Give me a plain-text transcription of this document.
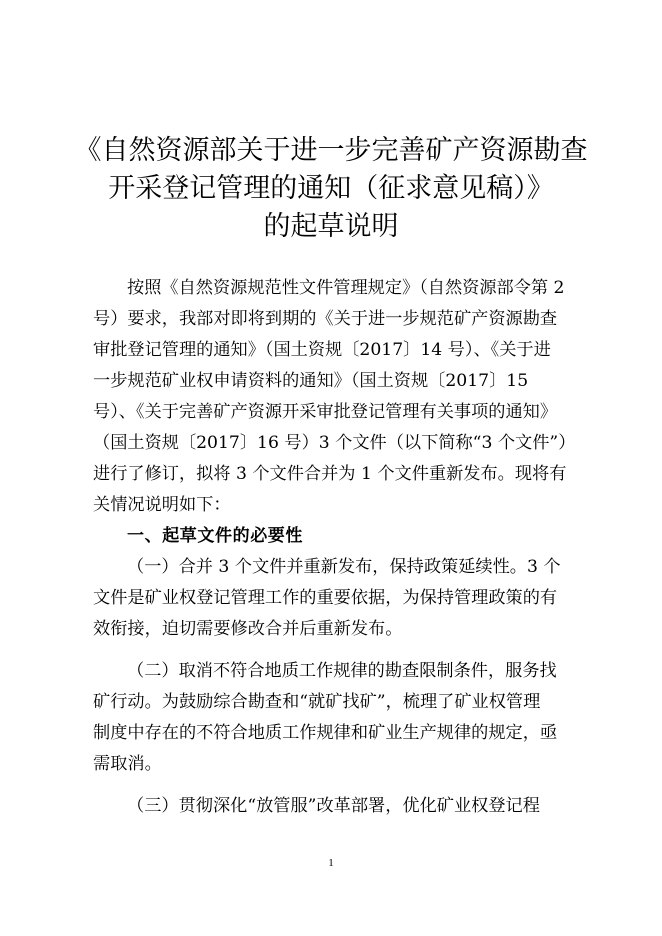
《自然资源部关于进一步完善矿产资源勘查
开采登记管理的通知（征求意见稿）》
的起草说明
按照《自然资源规范性文件管理规定》（自然资源部令第 2
号）要求，我部对即将到期的《关于进一步规范矿产资源勘查
审批登记管理的通知》（国土资规〔2017〕14 号）、《关于进
一步规范矿业权申请资料的通知》（国土资规〔2017〕15
号）、《关于完善矿产资源开采审批登记管理有关事项的通知》
（国土资规〔2017〕16 号）3 个文件（以下简称“3 个文件”）
进行了修订，拟将 3 个文件合并为 1 个文件重新发布。现将有
关情况说明如下：
一、起草文件的必要性
（一）合并 3 个文件并重新发布，保持政策延续性。3 个
文件是矿业权登记管理工作的重要依据，为保持管理政策的有
效衔接，迫切需要修改合并后重新发布。
（二）取消不符合地质工作规律的勘查限制条件，服务找
矿行动。为鼓励综合勘查和“就矿找矿”，梳理了矿业权管理
制度中存在的不符合地质工作规律和矿业生产规律的规定，亟
需取消。
（三）贯彻深化“放管服”改革部署，优化矿业权登记程
1
